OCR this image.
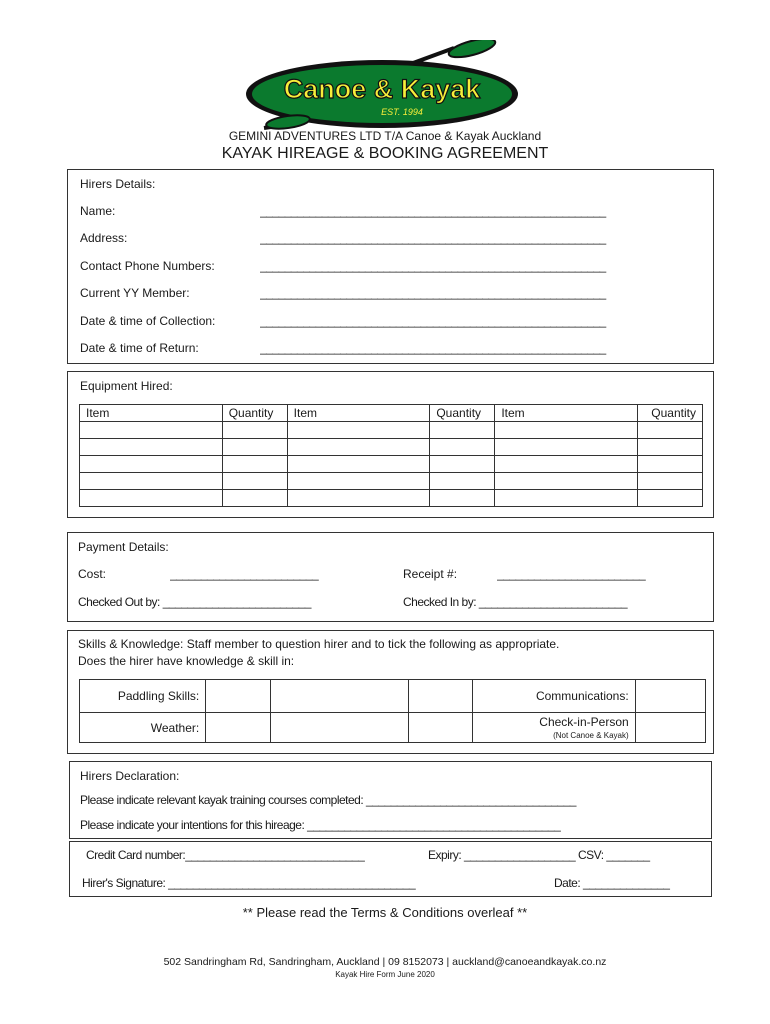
Canoe & Kayak
EST. 1994
GEMINI ADVENTURES LTD T/A Canoe & Kayak Auckland
KAYAK HIREAGE & BOOKING AGREEMENT
Hirers Details:
Name:	________________________________________________________
Address:	________________________________________________________
Contact Phone Numbers:	________________________________________________________
Current YY Member:	________________________________________________________
Date & time of Collection:	________________________________________________________
Date & time of Return:	________________________________________________________
Equipment Hired:
Item	Quantity	Item	Quantity	Item	Quantity

Payment Details:
Cost:	________________________	Receipt #:	________________________
Checked Out by: ________________________	Checked In by: ________________________
Skills & Knowledge: Staff member to question hirer and to tick the following as appropriate.
Does the hirer have knowledge & skill in:
Paddling Skills:				Communications:	
Weather:				Check-in-Person
(Not Canoe & Kayak)	

Hirers Declaration:
Please indicate relevant kayak training courses completed: __________________________________
Please indicate your intentions for this hireage: _________________________________________
Credit Card number:_____________________________	Expiry: __________________ CSV: _______
Hirer's Signature: ________________________________________	Date: ______________
** Please read the Terms & Conditions overleaf **
502 Sandringham Rd, Sandringham, Auckland | 09 8152073 | auckland@canoeandkayak.co.nz
Kayak Hire Form June 2020
